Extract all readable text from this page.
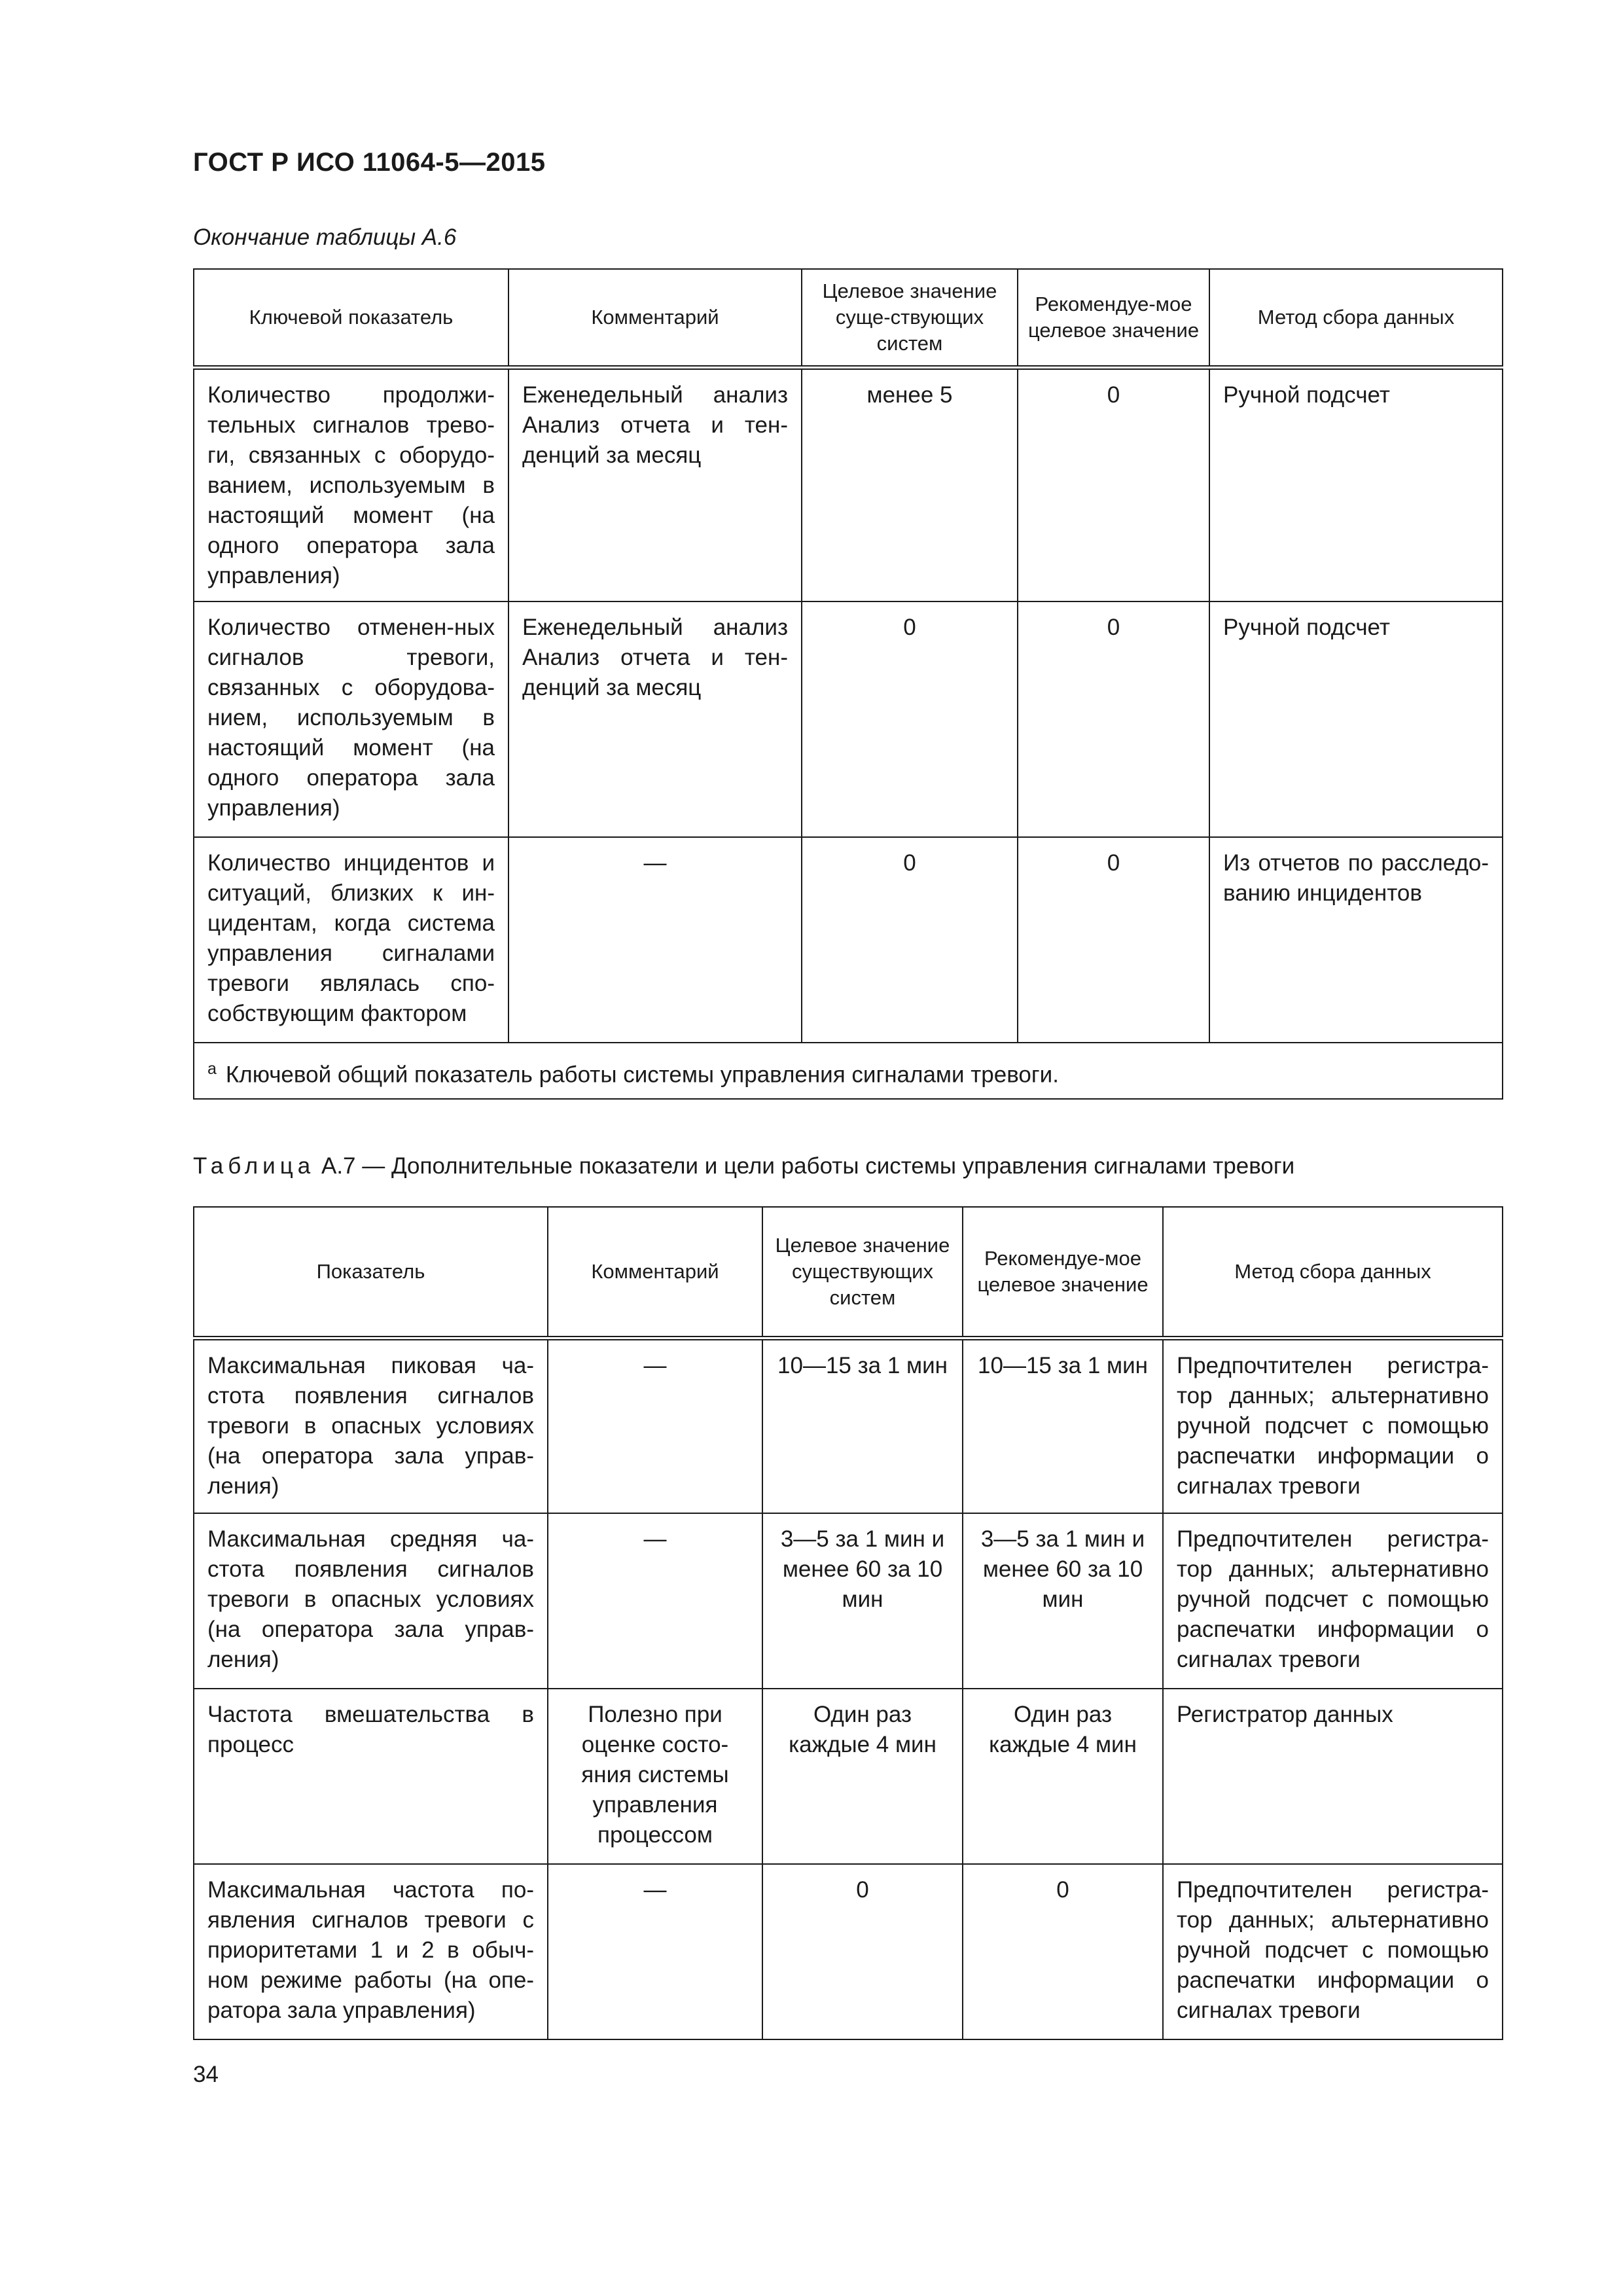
ГОСТ Р ИСО 11064-5—2015
Окончание таблицы А.6
Ключевой показатель	Комментарий	Целевое значение суще-ствующих систем	Рекомендуе-мое целевое значение	Метод сбора данных
Количество продолжи-тельных сигналов трево-ги, связанных с оборудо-ванием, используемым в настоящий момент (на одного оператора зала управления)	Еженедельный анализ Анализ отчета и тен-денций за месяц	менее 5	0	Ручной подсчет
Количество отменен-ных сигналов тревоги, связанных с оборудова-нием, используемым в настоящий момент (на одного оператора зала управления)	Еженедельный анализ Анализ отчета и тен-денций за месяц	0	0	Ручной подсчет
Количество инцидентов и ситуаций, близких к ин-цидентам, когда система управления сигналами тревоги являлась спо-собствующим фактором	—	0	0	Из отчетов по расследо-ванию инцидентов
$^a$ Ключевой общий показатель работы системы управления сигналами тревоги.				
Таблица А.7 — Дополнительные показатели и цели работы системы управления сигналами тревоги
Показатель	Комментарий	Целевое значение существующих систем	Рекомендуе-мое целевое значение	Метод сбора данных
Максимальная пиковая ча-стота появления сигналов тревоги в опасных условиях (на оператора зала управ-ления)	—	10—15 за 1 мин	10—15 за 1 мин	Предпочтителен регистра-тор данных; альтернативно ручной подсчет с помощью распечатки информации о сигналах тревоги
Максимальная средняя ча-стота появления сигналов тревоги в опасных условиях (на оператора зала управ-ления)	—	3—5 за 1 мин и менее 60 за 10 мин	3—5 за 1 мин и менее 60 за 10 мин	Предпочтителен регистра-тор данных; альтернативно ручной подсчет с помощью распечатки информации о сигналах тревоги
Частота вмешательства в процесс	Полезно при оценке состо-яния системы управления процессом	Один раз каждые 4 мин	Один раз каждые 4 мин	Регистратор данных
Максимальная частота по-явления сигналов тревоги с приоритетами 1 и 2 в обыч-ном режиме работы (на опе-ратора зала управления)	—	0	0	Предпочтителен регистра-тор данных; альтернативно ручной подсчет с помощью распечатки информации о сигналах тревоги
34
